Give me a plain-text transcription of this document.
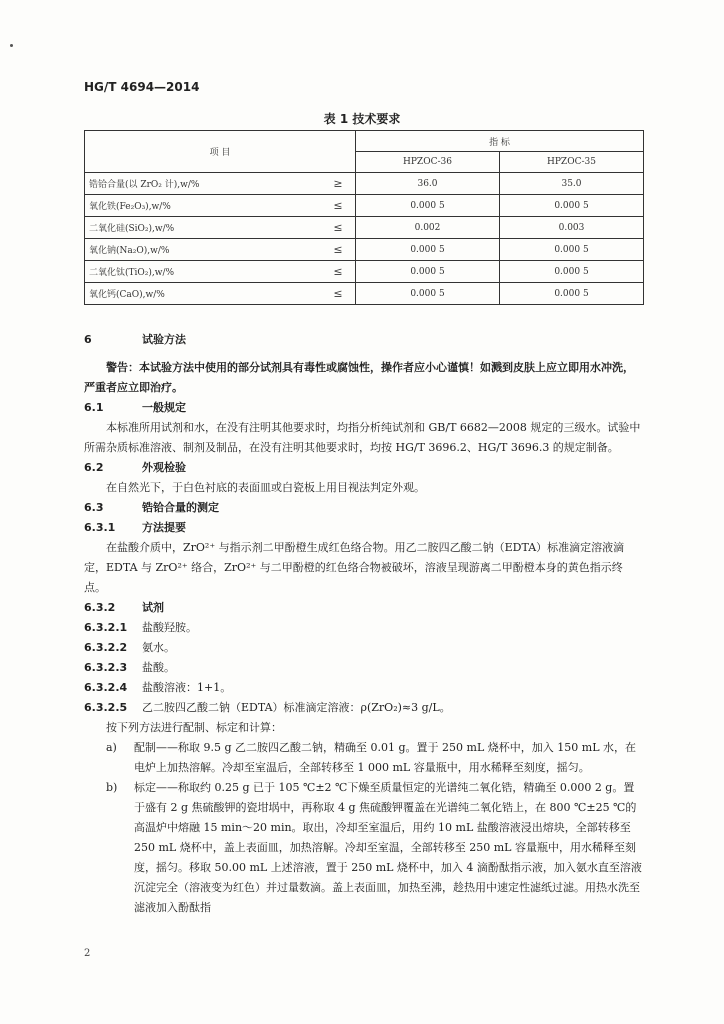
HG/T 4694—2014
表 1 技术要求
项 目		指 标	
		HPZOC-36	HPZOC-35
锆铪合量(以 ZrO₂ 计),w/%	≥	36.0	35.0
氧化铁(Fe₂O₃),w/%	≤	0.000 5	0.000 5
二氧化硅(SiO₂),w/%	≤	0.002	0.003
氧化钠(Na₂O),w/%	≤	0.000 5	0.000 5
二氧化钛(TiO₂),w/%	≤	0.000 5	0.000 5
氧化钙(CaO),w/%	≤	0.000 5	0.000 5

6	试验方法

警告：本试验方法中使用的部分试剂具有毒性或腐蚀性，操作者应小心谨慎！如溅到皮肤上应立即用水冲洗，严重者应立即治疗。

6.1	一般规定

本标准所用试剂和水，在没有注明其他要求时，均指分析纯试剂和 GB/T 6682—2008 规定的三级水。试验中所需杂质标准溶液、制剂及制品，在没有注明其他要求时，均按 HG/T 3696.2、HG/T 3696.3 的规定制备。

6.2	外观检验

在自然光下，于白色衬底的表面皿或白瓷板上用目视法判定外观。

6.3	锆铪合量的测定

6.3.1 方法提要

在盐酸介质中，ZrO²⁺ 与指示剂二甲酚橙生成红色络合物。用乙二胺四乙酸二钠（EDTA）标准滴定溶液滴定，EDTA 与 ZrO²⁺ 络合，ZrO²⁺ 与二甲酚橙的红色络合物被破坏，溶液呈现游离二甲酚橙本身的黄色指示终点。

6.3.2 试剂

6.3.2.1 盐酸羟胺。

6.3.2.2 氨水。

6.3.2.3 盐酸。

6.3.2.4 盐酸溶液：1+1。

6.3.2.5 乙二胺四乙酸二钠（EDTA）标准滴定溶液：ρ(ZrO₂)≈3 g/L。

按下列方法进行配制、标定和计算：

a) 配制——称取 9.5 g 乙二胺四乙酸二钠，精确至 0.01 g。置于 250 mL 烧杯中，加入 150 mL 水，在电炉上加热溶解。冷却至室温后，全部转移至 1 000 mL 容量瓶中，用水稀释至刻度，摇匀。
b) 标定——称取约 0.25 g 已于 105 ℃±2 ℃下燥至质量恒定的光谱纯二氧化锆，精确至 0.000 2 g。置于盛有 2 g 焦硫酸钾的瓷坩埚中，再称取 4 g 焦硫酸钾覆盖在光谱纯二氧化锆上，在 800 ℃±25 ℃的高温炉中熔融 15 min～20 min。取出，冷却至室温后，用约 10 mL 盐酸溶液浸出熔块，全部转移至 250 mL 烧杯中，盖上表面皿，加热溶解。冷却至室温，全部转移至 250 mL 容量瓶中，用水稀释至刻度，摇匀。移取 50.00 mL 上述溶液，置于 250 mL 烧杯中，加入 4 滴酚酞指示液，加入氨水直至溶液沉淀完全（溶液变为红色）并过量数滴。盖上表面皿，加热至沸，趁热用中速定性滤纸过滤。用热水洗至滤液加入酚酞指
2
